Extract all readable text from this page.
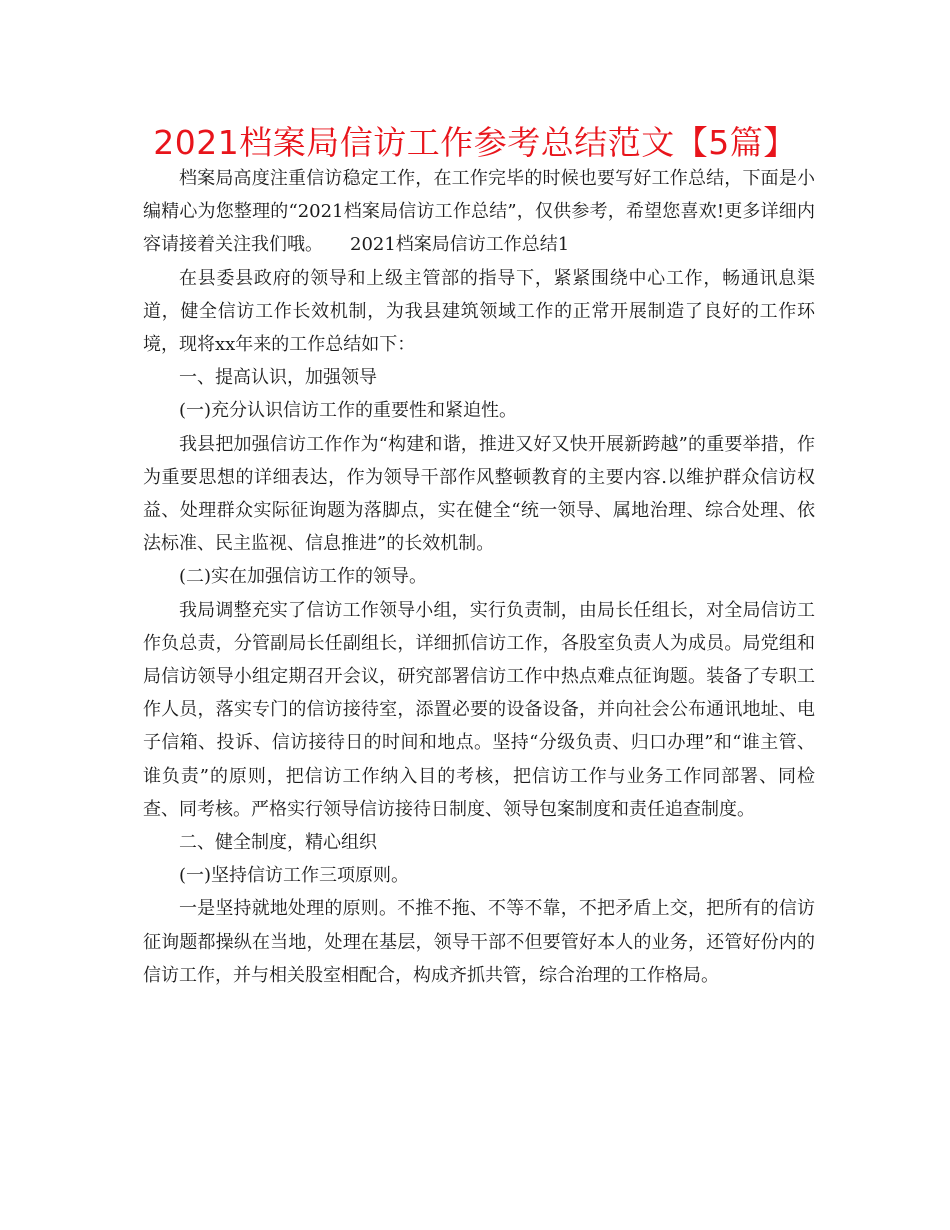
2021档案局信访工作参考总结范文【5篇】

档案局高度注重信访稳定工作，在工作完毕的时候也要写好工作总结，下面是小编精心为您整理的“2021档案局信访工作总结”，仅供参考，希望您喜欢!更多详细内容请接着关注我们哦。　　2021档案局信访工作总结1

在县委县政府的领导和上级主管部的指导下，紧紧围绕中心工作，畅通讯息渠道，健全信访工作长效机制，为我县建筑领域工作的正常开展制造了良好的工作环境，现将xx年来的工作总结如下：

一、提高认识，加强领导

(一)充分认识信访工作的重要性和紧迫性。

我县把加强信访工作作为“构建和谐，推进又好又快开展新跨越”的重要举措，作为重要思想的详细表达，作为领导干部作风整顿教育的主要内容.以维护群众信访权益、处理群众实际征询题为落脚点，实在健全“统一领导、属地治理、综合处理、依法标准、民主监视、信息推进”的长效机制。

(二)实在加强信访工作的领导。

我局调整充实了信访工作领导小组，实行负责制，由局长任组长，对全局信访工作负总责，分管副局长任副组长，详细抓信访工作，各股室负责人为成员。局党组和局信访领导小组定期召开会议，研究部署信访工作中热点难点征询题。装备了专职工作人员，落实专门的信访接待室，添置必要的设备设备，并向社会公布通讯地址、电子信箱、投诉、信访接待日的时间和地点。坚持“分级负责、归口办理”和“谁主管、谁负责”的原则，把信访工作纳入目的考核，把信访工作与业务工作同部署、同检查、同考核。严格实行领导信访接待日制度、领导包案制度和责任追查制度。

二、健全制度，精心组织

(一)坚持信访工作三项原则。

一是坚持就地处理的原则。不推不拖、不等不靠，不把矛盾上交，把所有的信访征询题都操纵在当地，处理在基层，领导干部不但要管好本人的业务，还管好份内的信访工作，并与相关股室相配合，构成齐抓共管，综合治理的工作格局。
